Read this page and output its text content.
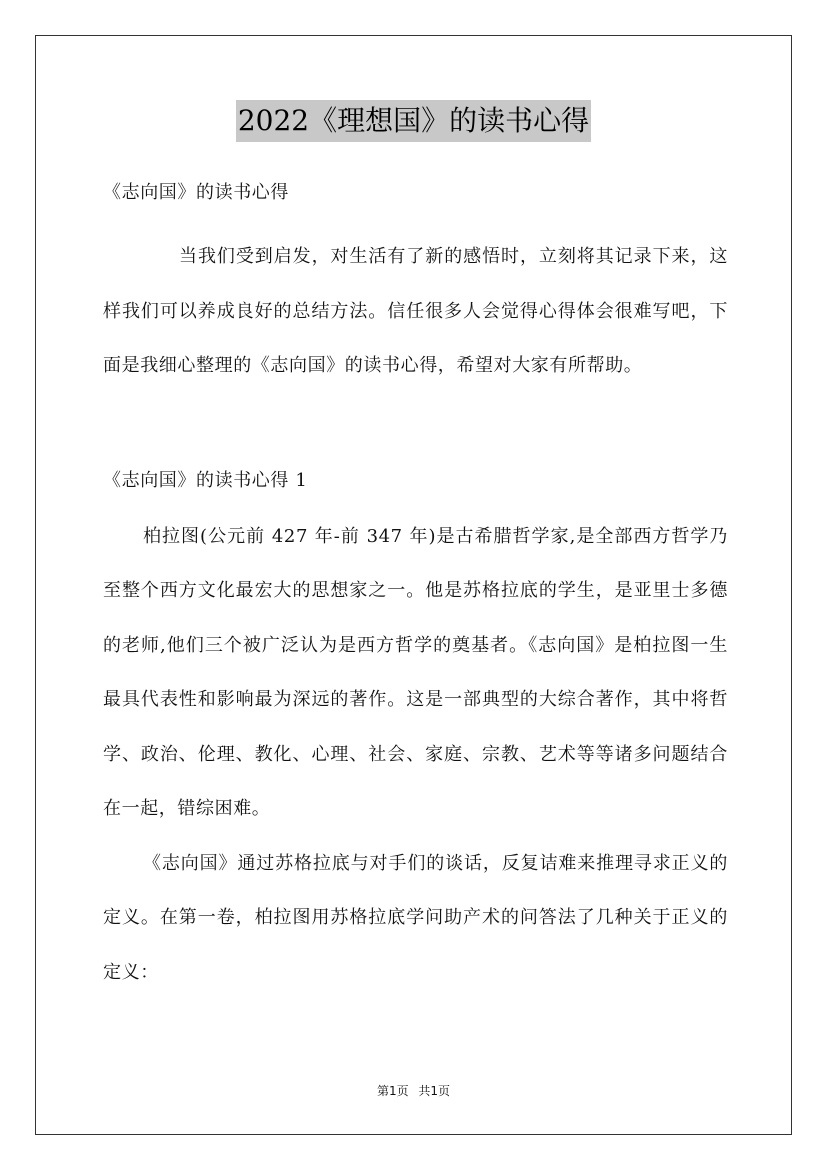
2022《理想国》的读书心得

《志向国》的读书心得

当我们受到启发，对生活有了新的感悟时，立刻将其记录下来，这样我们可以养成良好的总结方法。信任很多人会觉得心得体会很难写吧，下面是我细心整理的《志向国》的读书心得，希望对大家有所帮助。

《志向国》的读书心得 1

柏拉图(公元前 427 年-前 347 年)是古希腊哲学家,是全部西方哲学乃至整个西方文化最宏大的思想家之一。他是苏格拉底的学生，是亚里士多德的老师,他们三个被广泛认为是西方哲学的奠基者。《志向国》是柏拉图一生最具代表性和影响最为深远的著作。这是一部典型的大综合著作，其中将哲学、政治、伦理、教化、心理、社会、家庭、宗教、艺术等等诸多问题结合在一起，错综困难。

《志向国》通过苏格拉底与对手们的谈话，反复诘难来推理寻求正义的定义。在第一卷，柏拉图用苏格拉底学问助产术的问答法了几种关于正义的定义：

第1页 共1页
